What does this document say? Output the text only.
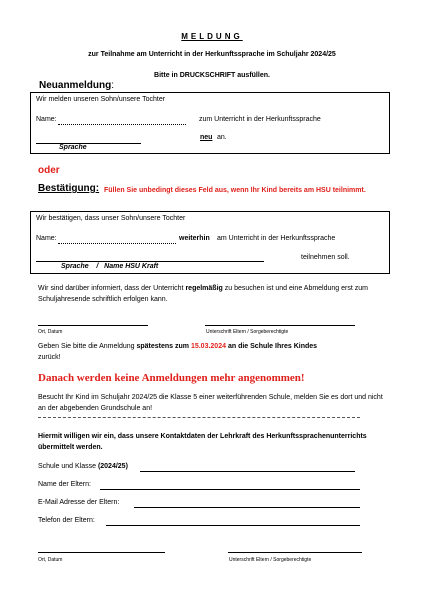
MELDUNG
zur Teilnahme am Unterricht in der Herkunftssprache im Schuljahr 2024/25
Bitte in DRUCKSCHRIFT ausfüllen.
Neuanmeldung:
Wir melden unseren Sohn/unsere Tochter
Name:	zum Unterricht in der Herkunftssprache
neu an.
Sprache
oder
Bestätigung: Füllen Sie unbedingt dieses Feld aus, wenn Ihr Kind bereits am HSU teilnimmt.
Wir bestätigen, dass unser Sohn/unsere Tochter
Name:	weiterhin am Unterricht in der Herkunftssprache
teilnehmen soll.
Sprache    /   Name HSU Kraft
Wir sind darüber informiert, dass der Unterricht regelmäßig zu besuchen ist und eine Abmeldung erst zum Schuljahresende schriftlich erfolgen kann.
Ort, Datum	Unterschrift Eltern / Sorgeberechtigte
Geben Sie bitte die Anmeldung spätestens zum 15.03.2024 an die Schule Ihres Kindes
zurück!
Danach werden keine Anmeldungen mehr angenommen!
Besucht Ihr Kind im Schuljahr 2024/25 die Klasse 5 einer weiterführenden Schule, melden Sie es dort und nicht an der abgebenden Grundschule an!
Hiermit willigen wir ein, dass unsere Kontaktdaten der Lehrkraft des Herkunftssprachenunterrichts übermittelt werden.
Schule und Klasse (2024/25)
Name der Eltern:
E-Mail Adresse der Eltern:
Telefon der Eltern:
Ort, Datum	Unterschrift Eltern / Sorgeberechtigte
